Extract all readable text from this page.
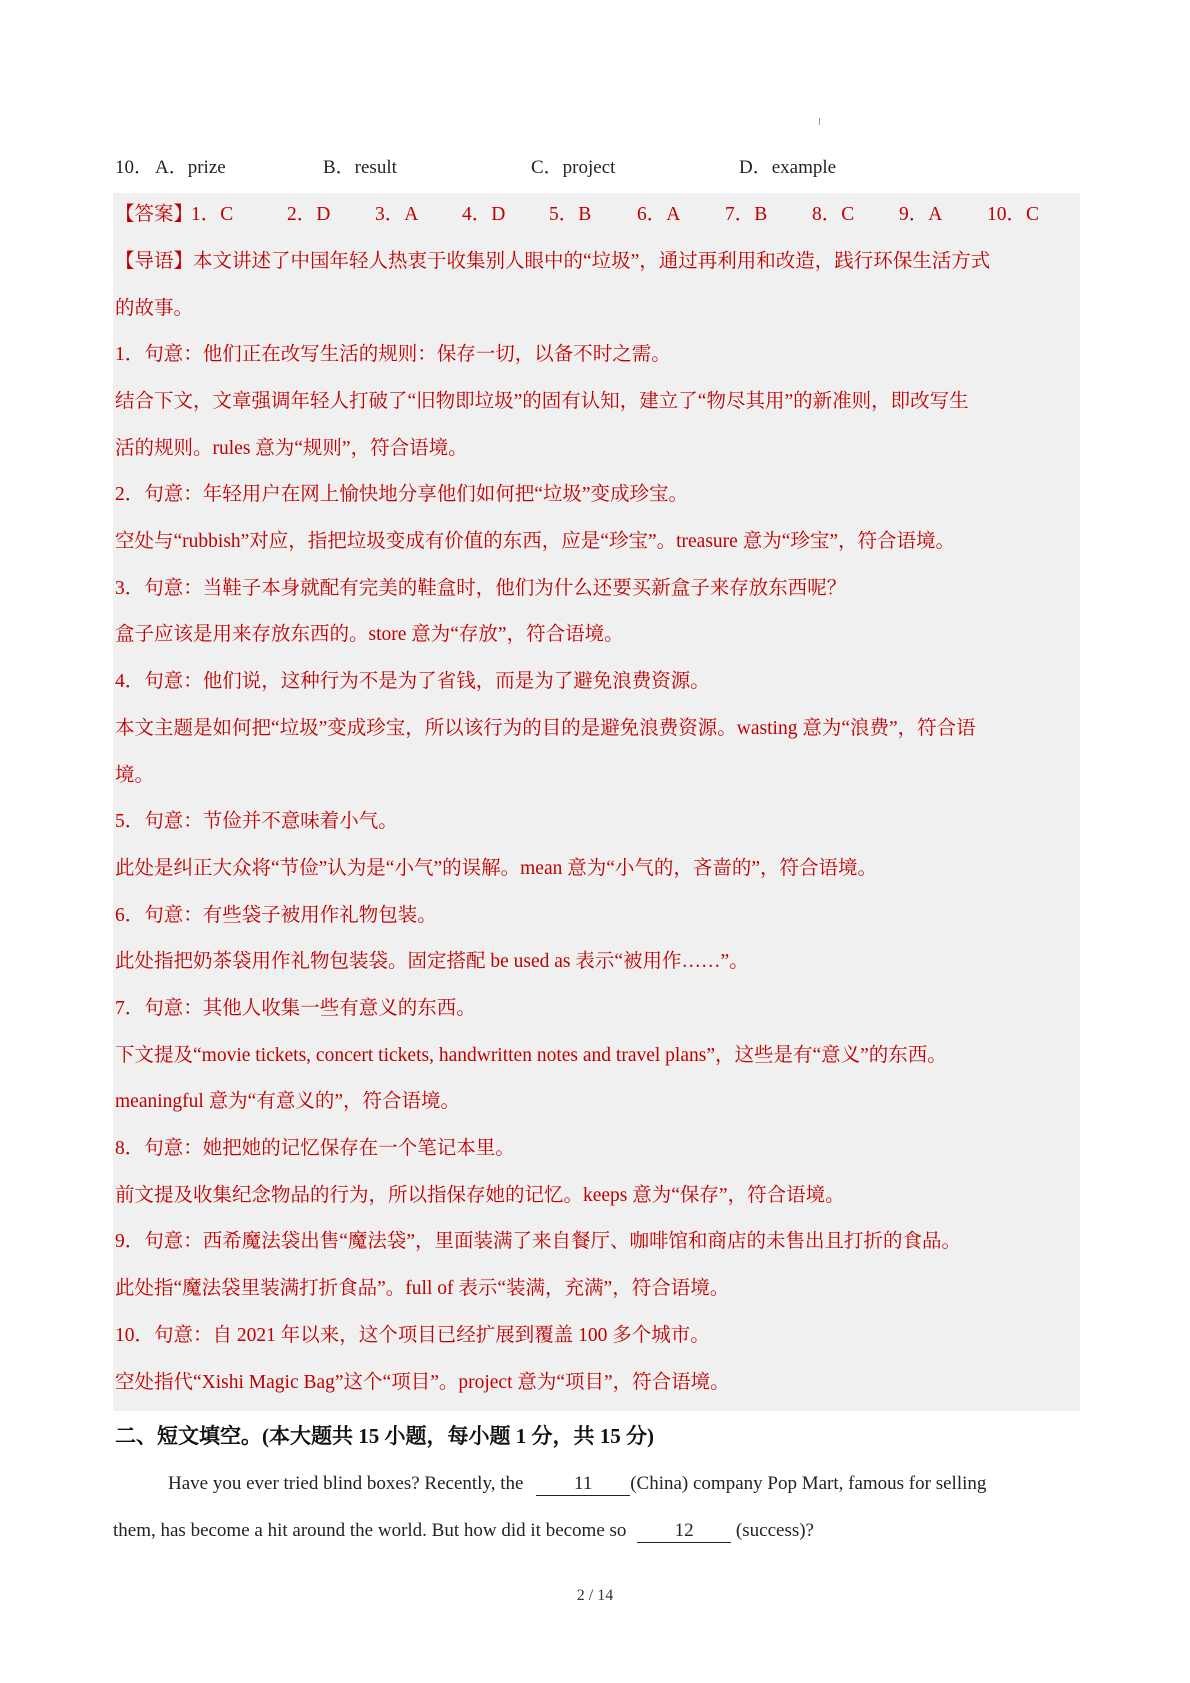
10． A．prize	B．result	C．project	D．example
【答案】
1．C	2．D 3．A 4．D 5．B 6．A 7．B 8．C 9．A 10．C
【导语】本文讲述了中国年轻人热衷于收集别人眼中的“垃圾”，通过再利用和改造，践行环保生活方式
的故事。
1．句意：他们正在改写生活的规则：保存一切，以备不时之需。
结合下文，文章强调年轻人打破了“旧物即垃圾”的固有认知，建立了“物尽其用”的新准则，即改写生
活的规则。rules 意为“规则”，符合语境。
2．句意：年轻用户在网上愉快地分享他们如何把“垃圾”变成珍宝。
空处与“rubbish”对应，指把垃圾变成有价值的东西，应是“珍宝”。treasure 意为“珍宝”，符合语境。
3．句意：当鞋子本身就配有完美的鞋盒时，他们为什么还要买新盒子来存放东西呢？
盒子应该是用来存放东西的。store 意为“存放”，符合语境。
4．句意：他们说，这种行为不是为了省钱，而是为了避免浪费资源。
本文主题是如何把“垃圾”变成珍宝，所以该行为的目的是避免浪费资源。wasting 意为“浪费”，符合语
境。
5．句意：节俭并不意味着小气。
此处是纠正大众将“节俭”认为是“小气”的误解。mean 意为“小气的，吝啬的”，符合语境。
6．句意：有些袋子被用作礼物包装。
此处指把奶茶袋用作礼物包装袋。固定搭配 be used as 表示“被用作……”。
7．句意：其他人收集一些有意义的东西。
下文提及“movie tickets, concert tickets, handwritten notes and travel plans”，这些是有“意义”的东西。
meaningful 意为“有意义的”，符合语境。
8．句意：她把她的记忆保存在一个笔记本里。
前文提及收集纪念物品的行为，所以指保存她的记忆。keeps 意为“保存”，符合语境。
9．句意：西希魔法袋出售“魔法袋”，里面装满了来自餐厅、咖啡馆和商店的未售出且打折的食品。
此处指“魔法袋里装满打折食品”。full of 表示“装满，充满”，符合语境。
10．句意：自 2021 年以来，这个项目已经扩展到覆盖 100 多个城市。
空处指代“Xishi Magic Bag”这个“项目”。project 意为“项目”，符合语境。
二、短文填空。(本大题共 15 小题，每小题 1 分，共 15 分)
Have you ever tried blind boxes? Recently, the 11 (China) company Pop Mart, famous for selling
them, has become a hit around the world. But how did it become so 12 (success)?
2 / 14
